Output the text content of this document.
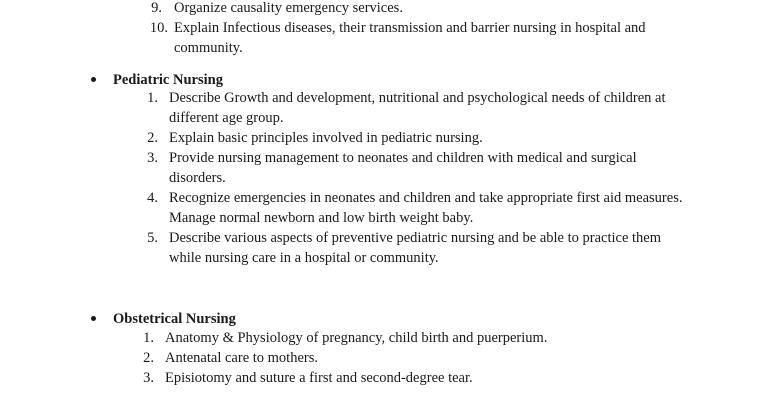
9. Organize causality emergency services.
10. Explain Infectious diseases, their transmission and barrier nursing in hospital and
community.
Pediatric Nursing
1. Describe Growth and development, nutritional and psychological needs of children at
different age group.
2. Explain basic principles involved in pediatric nursing.
3. Provide nursing management to neonates and children with medical and surgical
disorders.
4. Recognize emergencies in neonates and children and take appropriate first aid measures.
Manage normal newborn and low birth weight baby.
5. Describe various aspects of preventive pediatric nursing and be able to practice them
while nursing care in a hospital or community.
Obstetrical Nursing
1. Anatomy & Physiology of pregnancy, child birth and puerperium.
2. Antenatal care to mothers.
3. Episiotomy and suture a first and second-degree tear.
